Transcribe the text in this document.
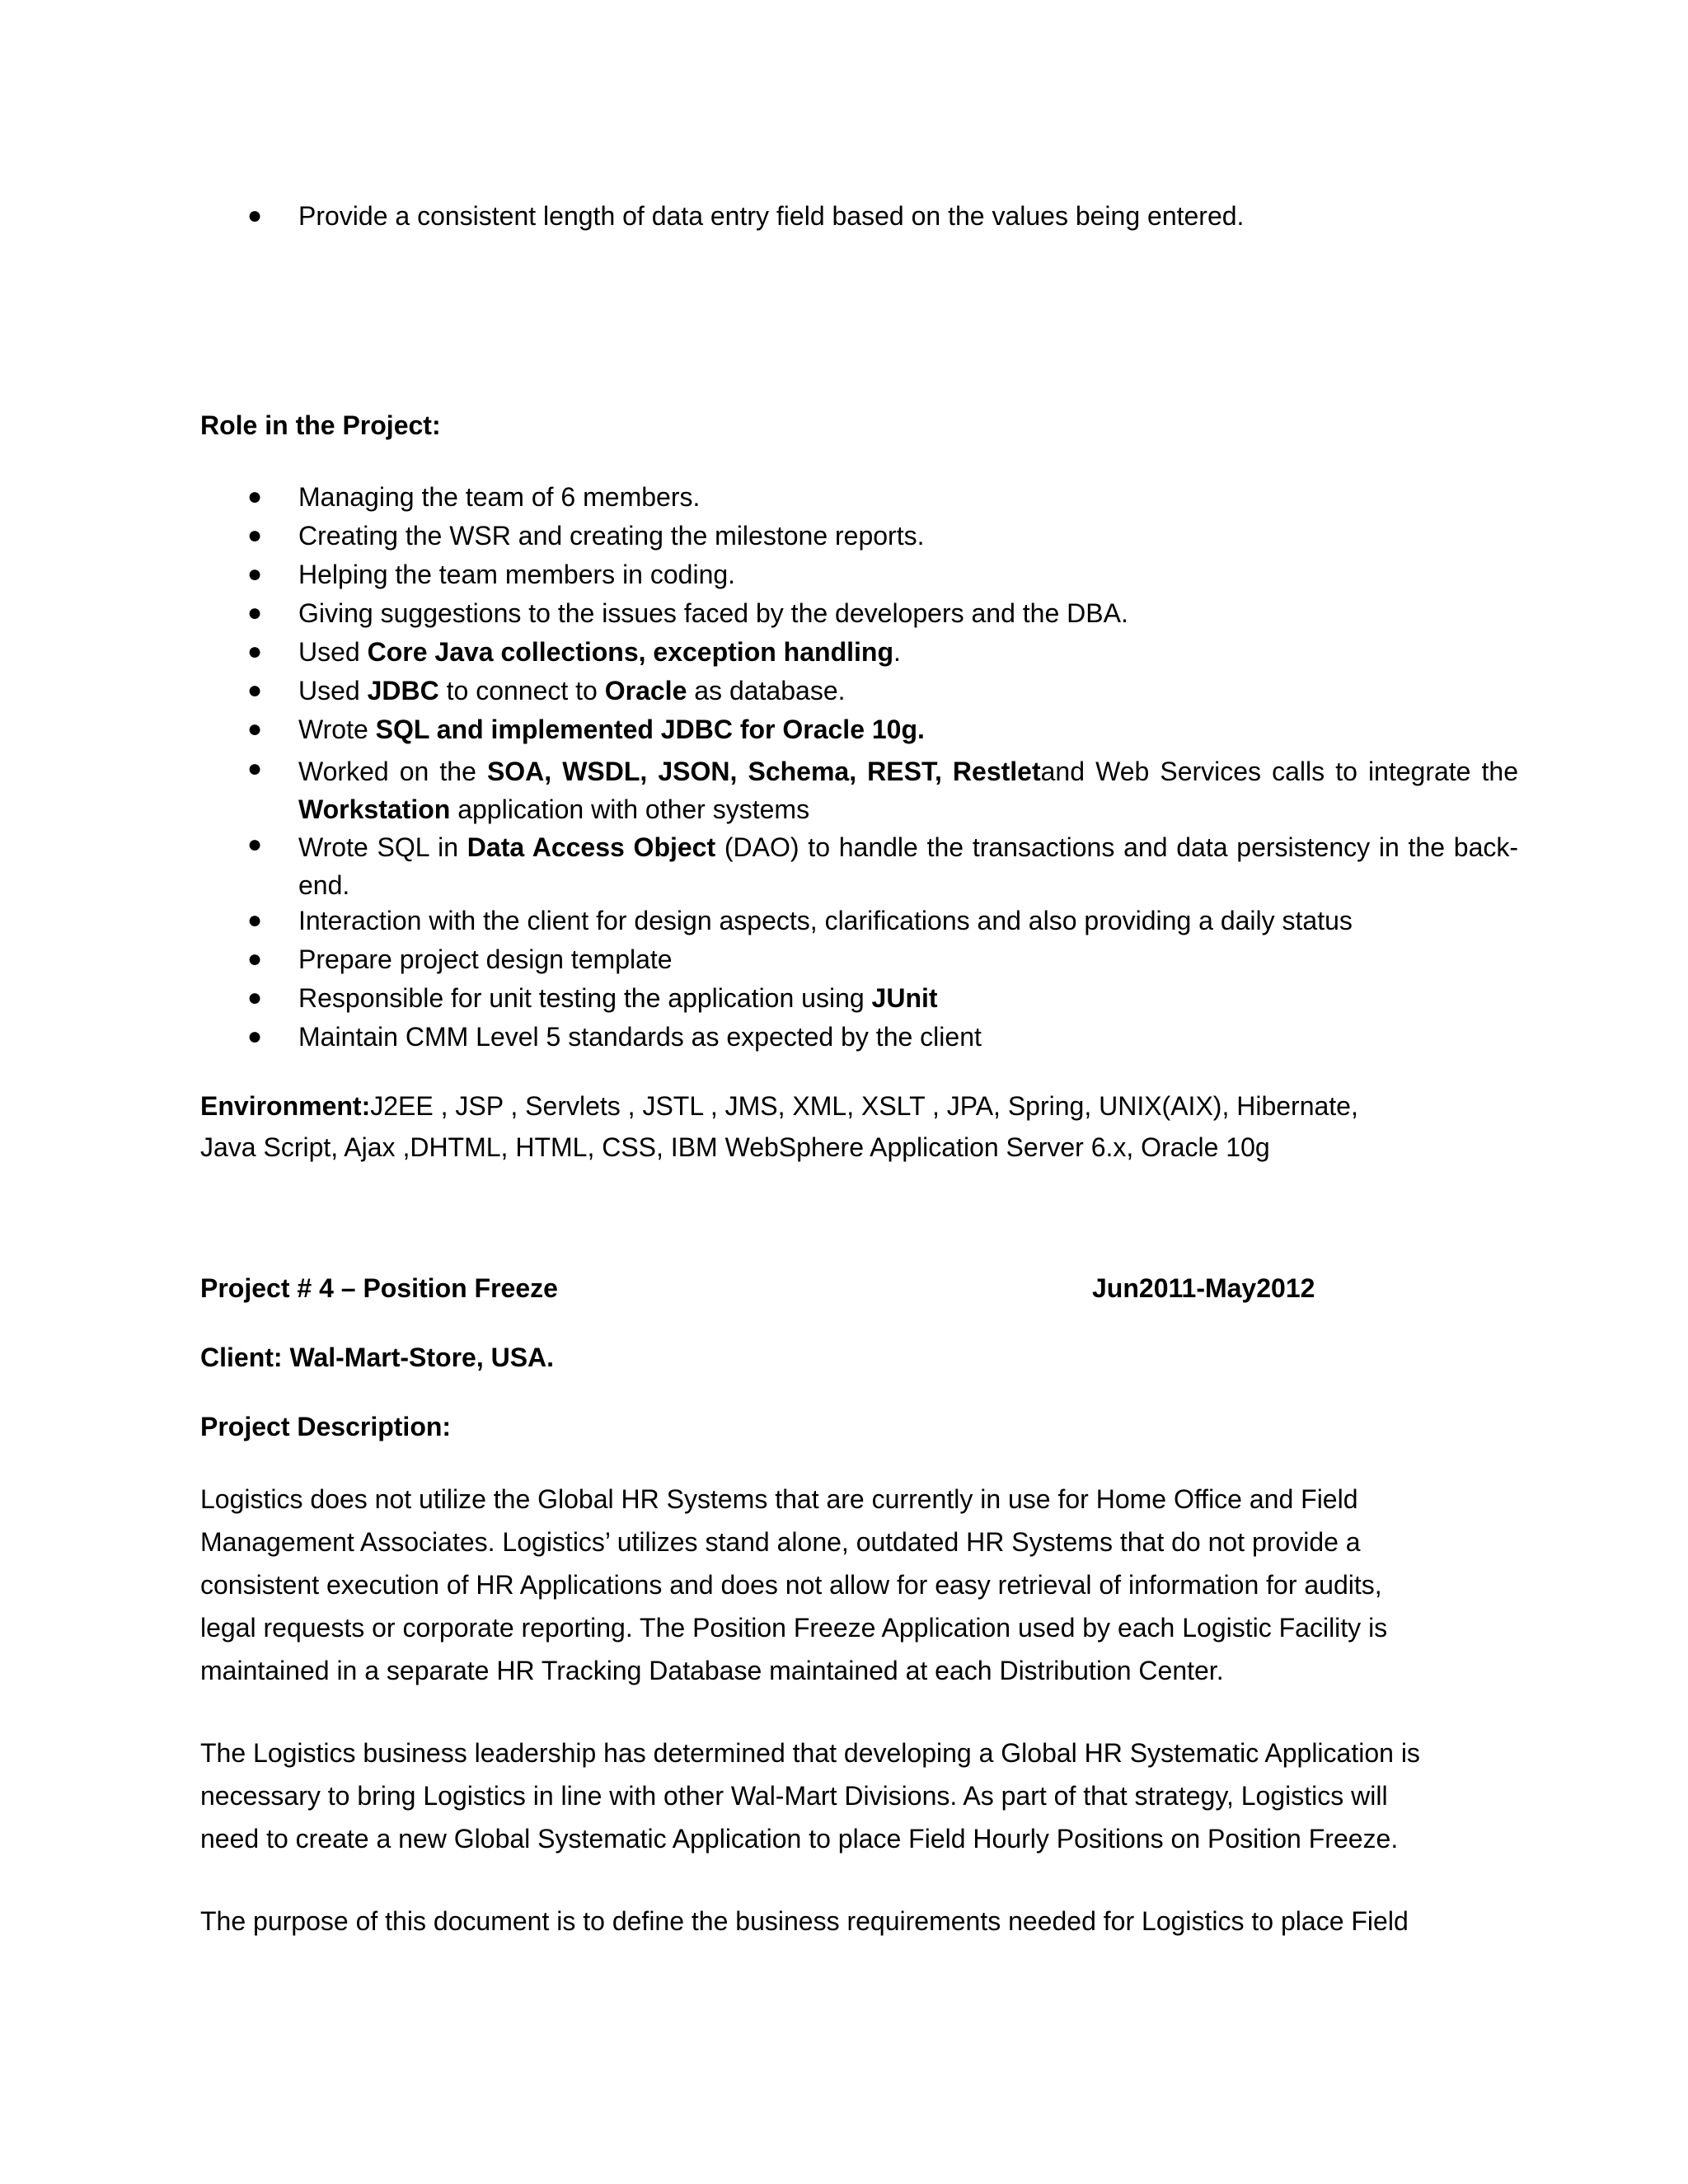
● Provide a consistent length of data entry field based on the values being entered.
Role in the Project:
● Managing the team of 6 members.
● Creating the WSR and creating the milestone reports.
● Helping the team members in coding.
● Giving suggestions to the issues faced by the developers and the DBA.
● Used Core Java collections, exception handling.
● Used JDBC to connect to Oracle as database.
● Wrote SQL and implemented JDBC for Oracle 10g.
● Worked on the SOA, WSDL, JSON, Schema, REST, Restletand Web Services calls to integrate the Workstation application with other systems
● Wrote SQL in Data Access Object (DAO) to handle the transactions and data persistency in the back-end.
● Interaction with the client for design aspects, clarifications and also providing a daily status
● Prepare project design template
● Responsible for unit testing the application using JUnit
● Maintain CMM Level 5 standards as expected by the client
Environment:J2EE , JSP , Servlets , JSTL , JMS, XML, XSLT , JPA, Spring, UNIX(AIX), Hibernate,
Java Script, Ajax ,DHTML, HTML, CSS, IBM WebSphere Application Server 6.x, Oracle 10g
Project # 4 – Position Freeze	Jun2011-May2012
Client: Wal-Mart-Store, USA.
Project Description:
Logistics does not utilize the Global HR Systems that are currently in use for Home Office and Field
Management Associates. Logistics’ utilizes stand alone, outdated HR Systems that do not provide a
consistent execution of HR Applications and does not allow for easy retrieval of information for audits,
legal requests or corporate reporting. The Position Freeze Application used by each Logistic Facility is
maintained in a separate HR Tracking Database maintained at each Distribution Center.
The Logistics business leadership has determined that developing a Global HR Systematic Application is
necessary to bring Logistics in line with other Wal-Mart Divisions. As part of that strategy, Logistics will
need to create a new Global Systematic Application to place Field Hourly Positions on Position Freeze.
The purpose of this document is to define the business requirements needed for Logistics to place Field
